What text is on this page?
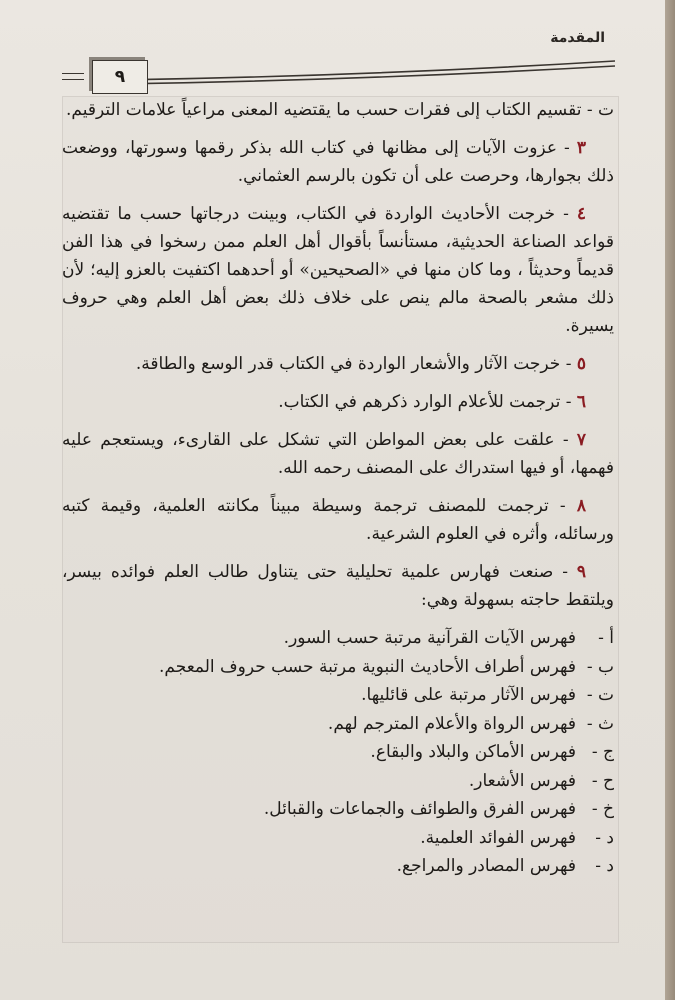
المقدمة
٩

ت - تقسيم الكتاب إلى فقرات حسب ما يقتضيه المعنى مراعياً علامات الترقيم.

٣ - عزوت الآيات إلى مظانها في كتاب الله بذكر رقمها وسورتها، ووضعت ذلك بجوارها، وحرصت على أن تكون بالرسم العثماني.

٤ - خرجت الأحاديث الواردة في الكتاب، وبينت درجاتها حسب ما تقتضيه قواعد الصناعة الحديثية، مستأنساً بأقوال أهل العلم ممن رسخوا في هذا الفن قديماً وحديثاً ، وما كان منها في «الصحيحين» أو أحدهما اكتفيت بالعزو إليه؛ لأن ذلك مشعر بالصحة مالم ينص على خلاف ذلك بعض أهل العلم وهي حروف يسيرة.

٥ - خرجت الآثار والأشعار الواردة في الكتاب قدر الوسع والطاقة.

٦ - ترجمت للأعلام الوارد ذكرهم في الكتاب.

٧ - علقت على بعض المواطن التي تشكل على القارىء، ويستعجم عليه فهمها، أو فيها استدراك على المصنف رحمه الله.

٨ - ترجمت للمصنف ترجمة وسيطة مبيناً مكانته العلمية، وقيمة كتبه ورسائله، وأثره في العلوم الشرعية.

٩ - صنعت فهارس علمية تحليلية حتى يتناول طالب العلم فوائده بيسر، ويلتقط حاجته بسهولة وهي:

أ -
فهرس الآيات القرآنية مرتبة حسب السور.
ب -
فهرس أطراف الأحاديث النبوية مرتبة حسب حروف المعجم.
ت -
فهرس الآثار مرتبة على قائليها.
ث -
فهرس الرواة والأعلام المترجم لهم.
ج -
فهرس الأماكن والبلاد والبقاع.
ح -
فهرس الأشعار.
خ -
فهرس الفرق والطوائف والجماعات والقبائل.
د -
فهرس الفوائد العلمية.
د -
فهرس المصادر والمراجع.
